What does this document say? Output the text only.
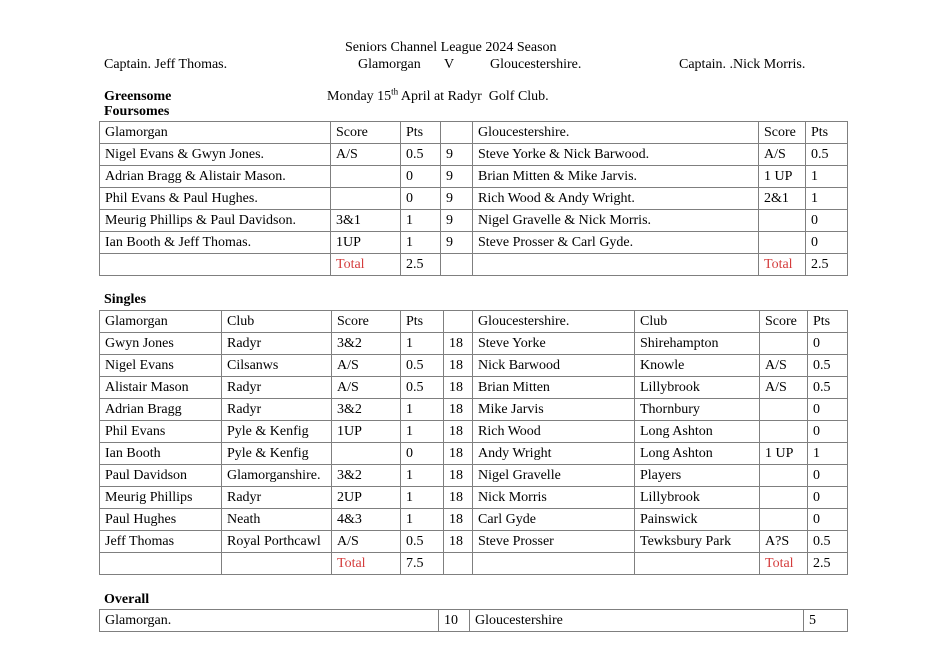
Seniors Channel League 2024 Season
Captain. Jeff Thomas.	Glamorgan V	Gloucestershire.	Captain. .Nick Morris.
Greensome
Foursomes
Monday 15th April at Radyr  Golf Club.
Glamorgan	Score	Pts		Gloucestershire.	Score	Pts
Nigel Evans & Gwyn Jones.	A/S	0.5	9	Steve Yorke & Nick Barwood.	A/S	0.5
Adrian Bragg & Alistair Mason.		0	9	Brian Mitten & Mike Jarvis.	1 UP	1
Phil Evans & Paul Hughes.		0	9	Rich Wood & Andy Wright.	2&1	1
Meurig Phillips & Paul Davidson.	3&1	1	9	Nigel Gravelle & Nick Morris.		0
Ian Booth & Jeff Thomas.	1UP	1	9	Steve Prosser & Carl Gyde.		0
	Total	2.5			Total	2.5
Singles
Glamorgan	Club	Score	Pts		Gloucestershire.	Club	Score	Pts
Gwyn Jones	Radyr	3&2	1	18	Steve Yorke	Shirehampton		0
Nigel Evans	Cilsanws	A/S	0.5	18	Nick Barwood	Knowle	A/S	0.5
Alistair Mason	Radyr	A/S	0.5	18	Brian Mitten	Lillybrook	A/S	0.5
Adrian Bragg	Radyr	3&2	1	18	Mike Jarvis	Thornbury		0
Phil Evans	Pyle & Kenfig	1UP	1	18	Rich Wood	Long Ashton		0
Ian Booth	Pyle & Kenfig		0	18	Andy Wright	Long Ashton	1 UP	1
Paul Davidson	Glamorganshire.	3&2	1	18	Nigel Gravelle	Players		0
Meurig Phillips	Radyr	2UP	1	18	Nick Morris	Lillybrook		0
Paul Hughes	Neath	4&3	1	18	Carl Gyde	Painswick		0
Jeff Thomas	Royal Porthcawl	A/S	0.5	18	Steve Prosser	Tewksbury Park	A?S	0.5
		Total	7.5				Total	2.5
Overall
Glamorgan.	10	Gloucestershire	5
